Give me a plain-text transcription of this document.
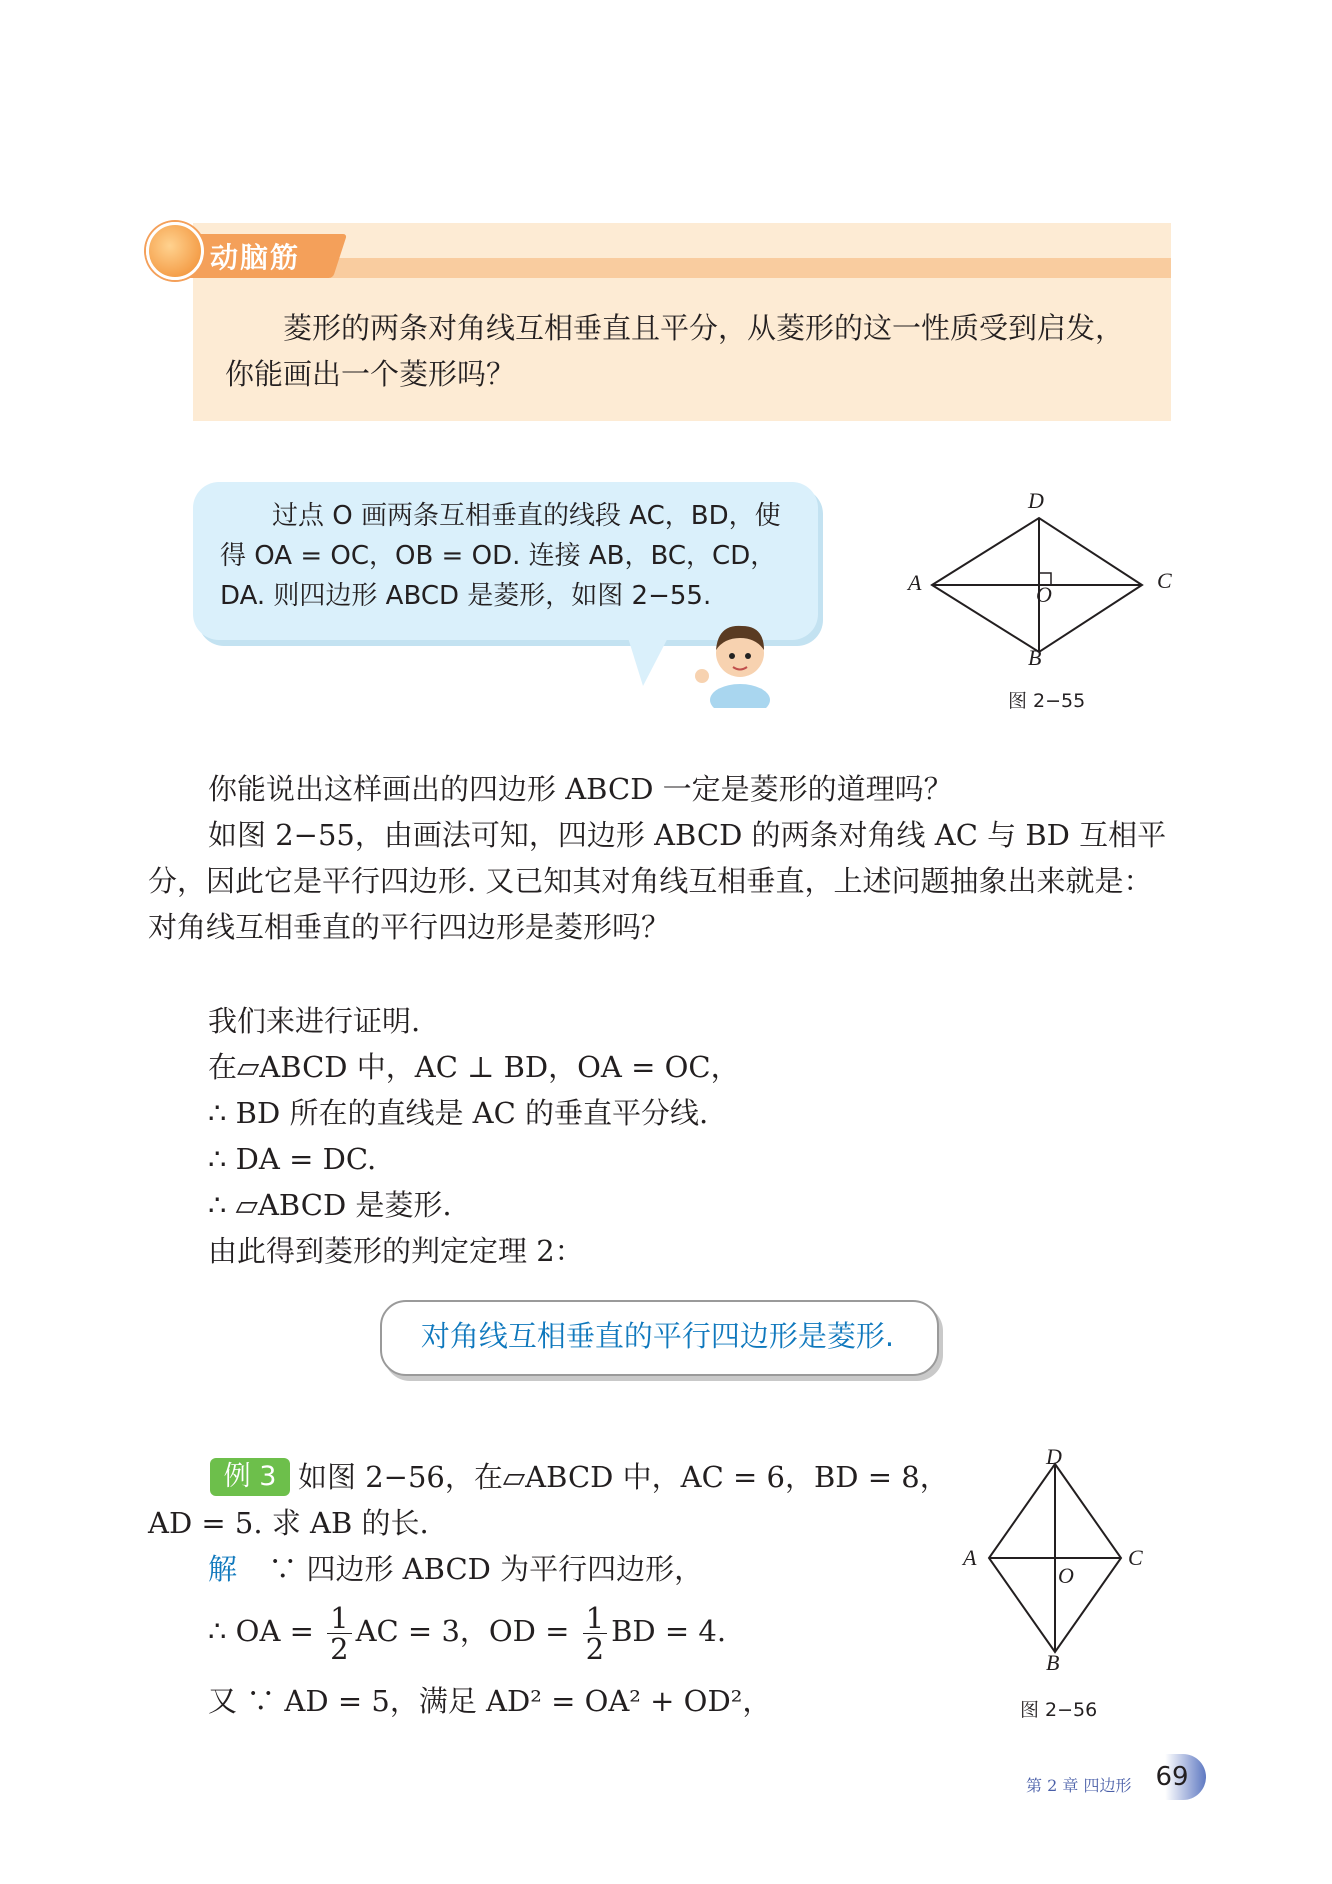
动脑筋
菱形的两条对角线互相垂直且平分，从菱形的这一性质受到启发，你能画出一个菱形吗？
过点 O 画两条互相垂直的线段 AC，BD，使得 OA = OC，OB = OD. 连接 AB，BC，CD，DA. 则四边形 ABCD 是菱形，如图 2−55.
D
A	C
O
B
图 2−55
你能说出这样画出的四边形 ABCD 一定是菱形的道理吗？
如图 2−55，由画法可知，四边形 ABCD 的两条对角线 AC 与 BD 互相平
分，因此它是平行四边形. 又已知其对角线互相垂直，上述问题抽象出来就是：
对角线互相垂直的平行四边形是菱形吗？
我们来进行证明.
在▱ABCD 中，AC ⊥ BD，OA = OC，
∴ BD 所在的直线是 AC 的垂直平分线.
∴ DA = DC.
∴ ▱ABCD 是菱形.
由此得到菱形的判定定理 2：
对角线互相垂直的平行四边形是菱形.
例 3 如图 2−56，在▱ABCD 中，AC = 6，BD = 8，
AD = 5. 求 AB 的长.
解 ∵ 四边形 ABCD 为平行四边形，
∴ OA = $\frac{1}{2}$ AC = 3，OD = $\frac{1}{2}$ BD = 4.
又 ∵ AD = 5，满足 AD² = OA² + OD²，
D
A	C
O
B
图 2−56
第 2 章 四边形 69
